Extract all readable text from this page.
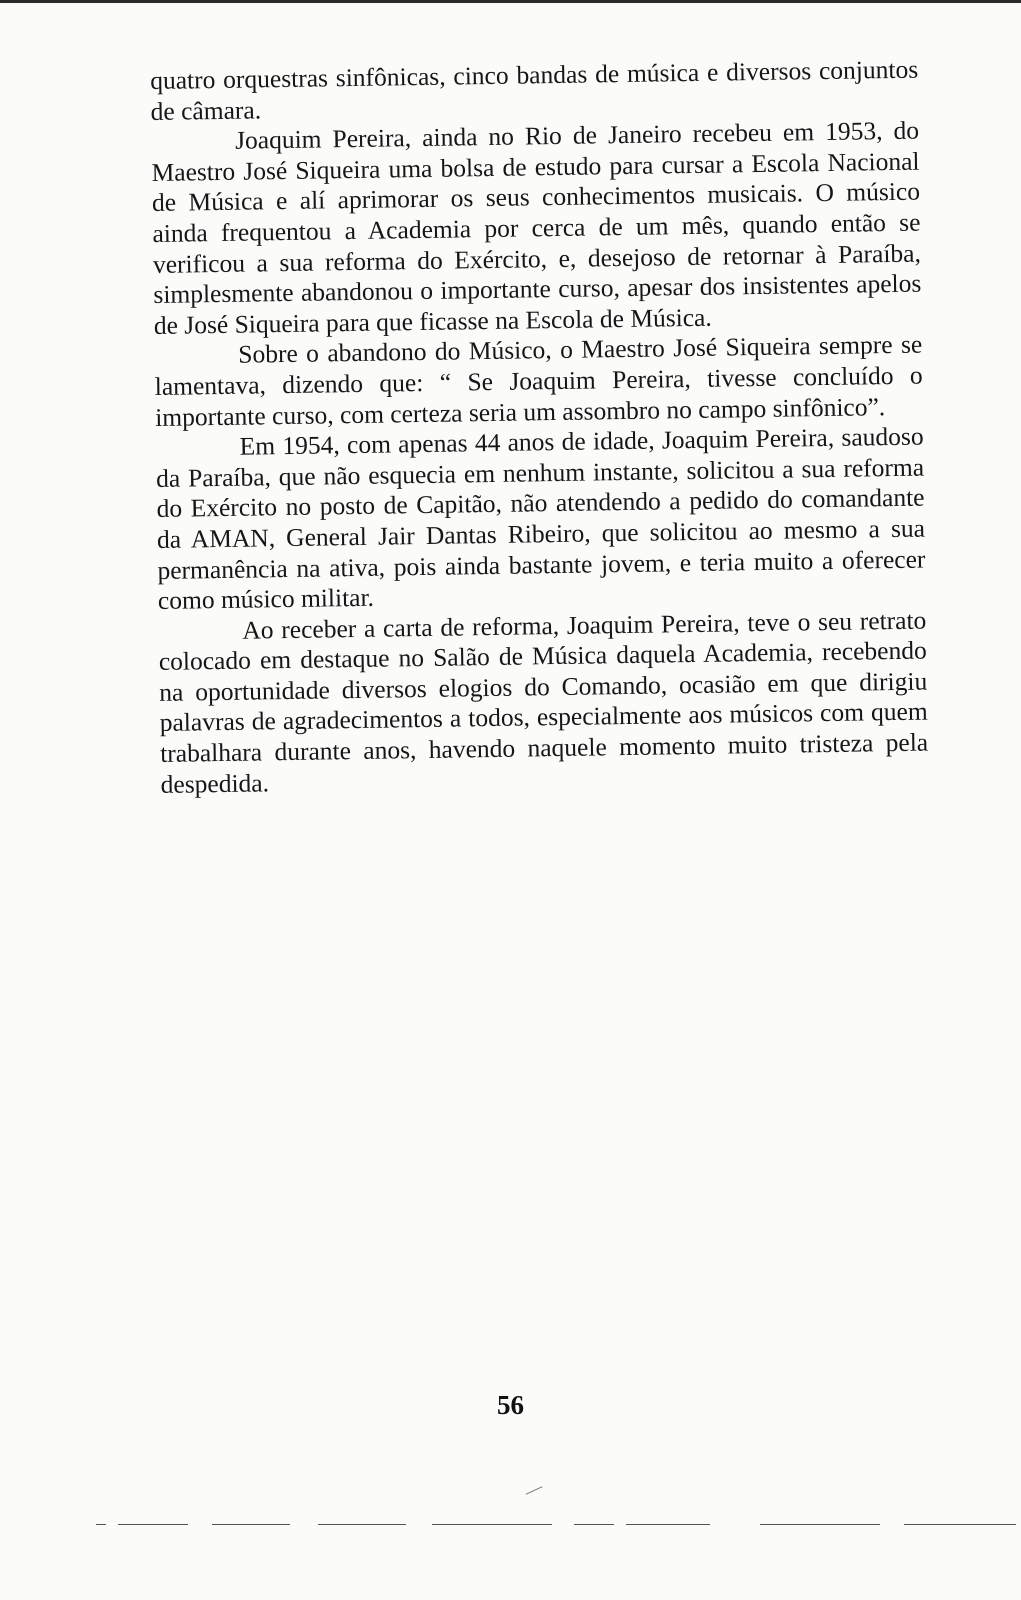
quatro orquestras sinfônicas, cinco bandas de música e diversos conjuntos de câmara.

Joaquim Pereira, ainda no Rio de Janeiro recebeu em 1953, do Maestro José Siqueira uma bolsa de estudo para cursar a Escola Nacional de Música e alí aprimorar os seus conhecimentos musicais. O músico ainda frequentou a Academia por cerca de um mês, quando então se verificou a sua reforma do Exército, e, desejoso de retornar à Paraíba, simplesmente abandonou o importante curso, apesar dos insistentes apelos de José Siqueira para que ficasse na Escola de Música.

Sobre o abandono do Músico, o Maestro José Siqueira sempre se lamentava, dizendo que: “ Se Joaquim Pereira, tivesse concluído o importante curso, com certeza seria um assombro no campo sinfônico”.

Em 1954, com apenas 44 anos de idade, Joaquim Pereira, saudoso da Paraíba, que não esquecia em nenhum instante, solicitou a sua reforma do Exército no posto de Capitão, não atendendo a pedido do comandante da AMAN, General Jair Dantas Ribeiro, que solicitou ao mesmo a sua permanência na ativa, pois ainda bastante jovem, e teria muito a oferecer como músico militar.

Ao receber a carta de reforma, Joaquim Pereira, teve o seu retrato colocado em destaque no Salão de Música daquela Academia, recebendo na oportunidade diversos elogios do Comando, ocasião em que dirigiu palavras de agradecimentos a todos, especialmente aos músicos com quem trabalhara durante anos, havendo naquele momento muito tristeza pela despedida.

56
